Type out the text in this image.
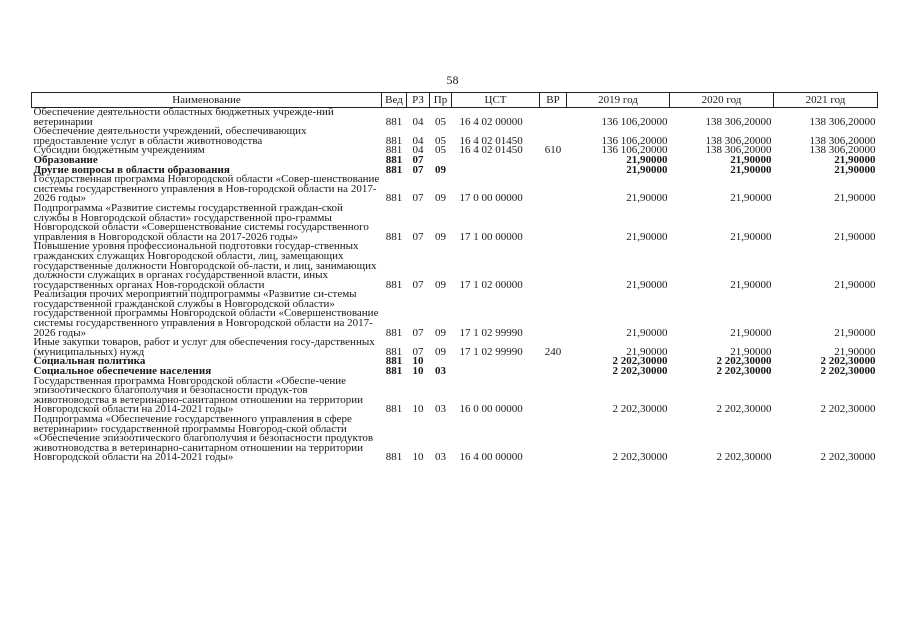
58
Наименование	Вед	РЗ	Пр	ЦСТ	ВР	2019 год	2020 год	2021 год
Обеспечение деятельности областных бюджетных учрежде-ний ветеринарии	881	04	05	16 4 02 00000		136 106,20000	138 306,20000	138 306,20000
Обеспечение деятельности учреждений, обеспечивающих предоставление услуг в области животноводства	881	04	05	16 4 02 01450		136 106,20000	138 306,20000	138 306,20000
Субсидии бюджетным учреждениям	881	04	05	16 4 02 01450	610	136 106,20000	138 306,20000	138 306,20000
Образование	881	07				21,90000	21,90000	21,90000
Другие вопросы в области образования	881	07	09			21,90000	21,90000	21,90000
Государственная программа Новгородской области «Совер-шенствование системы государственного управления в Нов-городской области на 2017-2026 годы»	881	07	09	17 0 00 00000		21,90000	21,90000	21,90000
Подпрограмма «Развитие системы государственной граждан-ской службы в Новгородской области» государственной про-граммы Новгородской области «Совершенствование системы государственного управления в Новгородской области на 2017-2026 годы»	881	07	09	17 1 00 00000		21,90000	21,90000	21,90000
Повышение уровня профессиональной подготовки государ-ственных гражданских служащих Новгородской области, лиц, замещающих государственные должности Новгородской об-ласти, и лиц, занимающих должности служащих в органах государственной власти, иных государственных органах Нов-городской области	881	07	09	17 1 02 00000		21,90000	21,90000	21,90000
Реализация прочих мероприятий подпрограммы «Развитие си-стемы государственной гражданской службы в Новгородской области» государственной программы Новгородской области «Совершенствование системы государственного управления в Новгородской области на 2017-2026 годы»	881	07	09	17 1 02 99990		21,90000	21,90000	21,90000
Иные закупки товаров, работ и услуг для обеспечения госу-дарственных (муниципальных) нужд	881	07	09	17 1 02 99990	240	21,90000	21,90000	21,90000
Социальная политика	881	10				2 202,30000	2 202,30000	2 202,30000
Социальное обеспечение населения	881	10	03			2 202,30000	2 202,30000	2 202,30000
Государственная программа Новгородской области «Обеспе-чение эпизоотического благополучия и безопасности продук-тов животноводства в ветеринарно-санитарном отношении на территории Новгородской области на 2014-2021 годы»	881	10	03	16 0 00 00000		2 202,30000	2 202,30000	2 202,30000
Подпрограмма «Обеспечение государственного управления в сфере ветеринарии» государственной программы Новгород-ской области «Обеспечение эпизоотического благополучия и безопасности продуктов животноводства в ветеринарно-санитарном отношении на территории Новгородской области на 2014-2021 годы»	881	10	03	16 4 00 00000		2 202,30000	2 202,30000	2 202,30000
